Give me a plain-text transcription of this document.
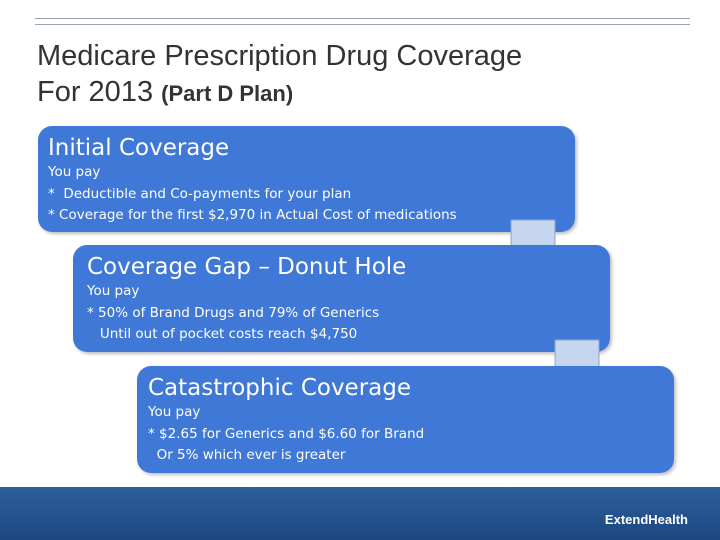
Medicare Prescription Drug Coverage
For 2013 (Part D Plan)
Initial Coverage
You pay
*  Deductible and Co-payments for your plan
* Coverage for the first $2,970 in Actual Cost of medications
Coverage Gap – Donut Hole
You pay
* 50% of Brand Drugs and 79% of Generics
Until out of pocket costs reach $4,750
Catastrophic Coverage
You pay
* $2.65 for Generics and $6.60 for Brand
Or 5% which ever is greater
ExtendHealth
